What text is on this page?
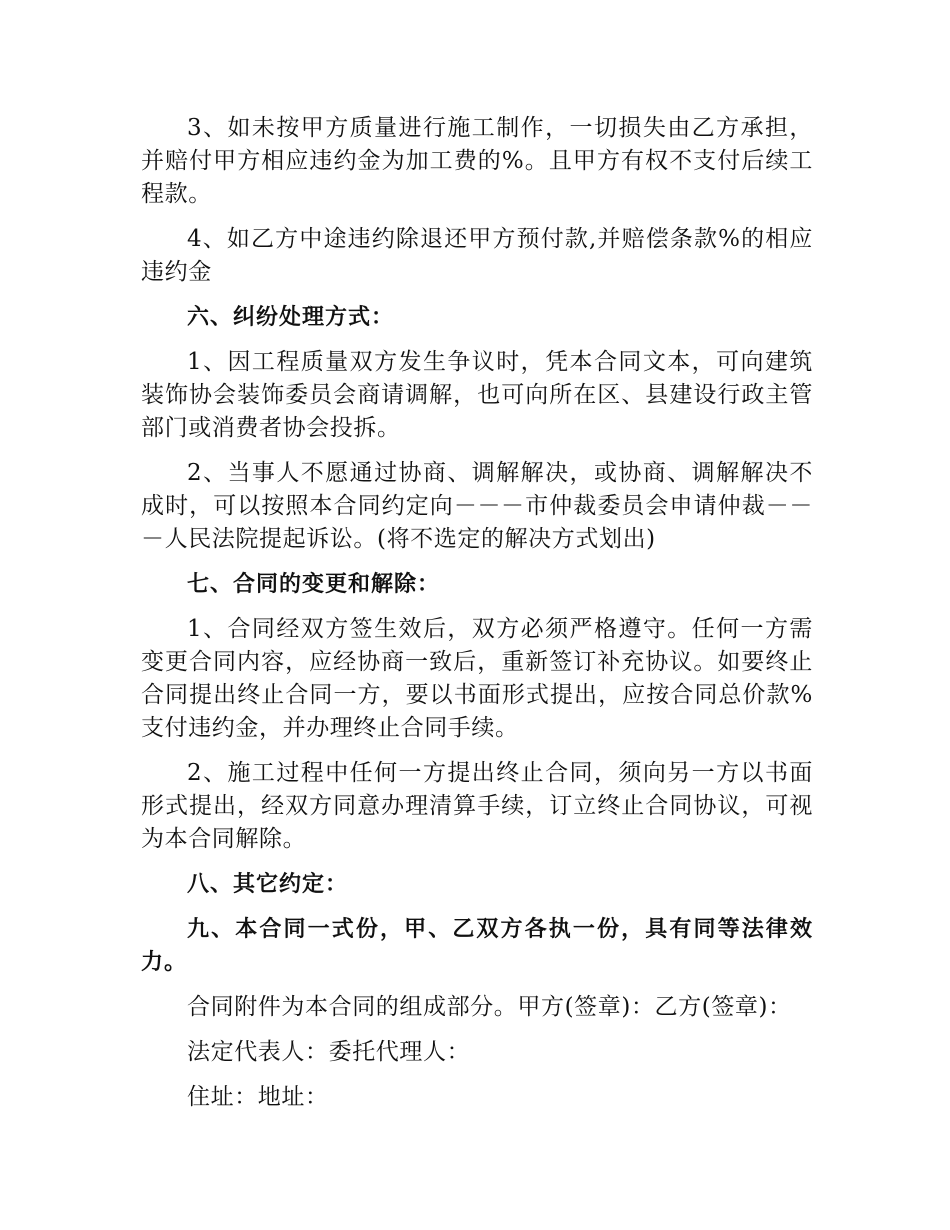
3、如未按甲方质量进行施工制作，一切损失由乙方承担，并赔付甲方相应违约金为加工费的%。且甲方有权不支付后续工程款。

4、如乙方中途违约除退还甲方预付款,并赔偿条款%的相应违约金

六、纠纷处理方式：

1、因工程质量双方发生争议时，凭本合同文本，可向建筑装饰协会装饰委员会商请调解，也可向所在区、县建设行政主管部门或消费者协会投拆。

2、当事人不愿通过协商、调解解决，或协商、调解解决不成时，可以按照本合同约定向－－－市仲裁委员会申请仲裁－－－人民法院提起诉讼。(将不选定的解决方式划出)

七、合同的变更和解除：

1、合同经双方签生效后，双方必须严格遵守。任何一方需变更合同内容，应经协商一致后，重新签订补充协议。如要终止合同提出终止合同一方，要以书面形式提出，应按合同总价款%支付违约金，并办理终止合同手续。

2、施工过程中任何一方提出终止合同，须向另一方以书面形式提出，经双方同意办理清算手续，订立终止合同协议，可视为本合同解除。

八、其它约定：

九、本合同一式份，甲、乙双方各执一份，具有同等法律效力。

合同附件为本合同的组成部分。甲方(签章)：乙方(签章)：

法定代表人：委托代理人：

住址：地址：
